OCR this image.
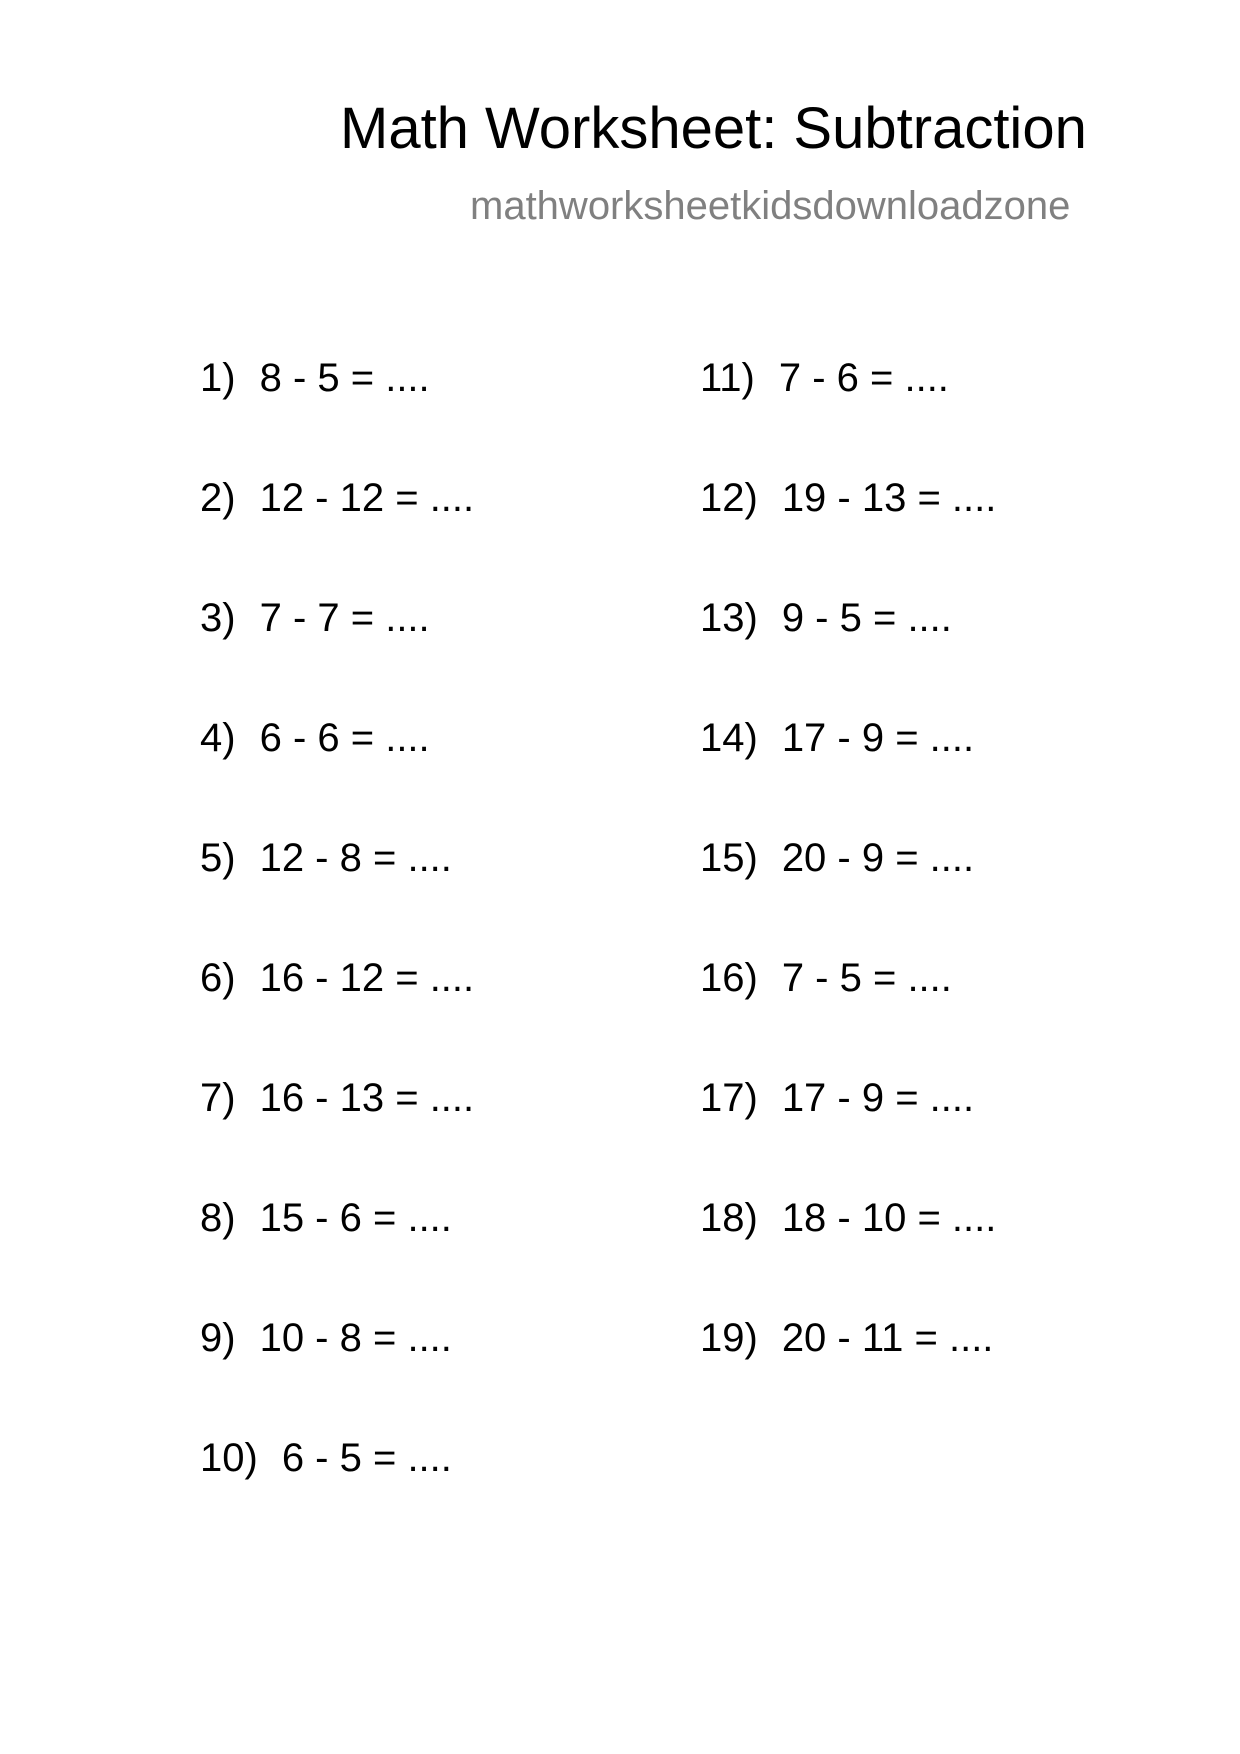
Math Worksheet: Subtraction
mathworksheetkidsdownloadzone
1) 8 - 5 = ....
2) 12 - 12 = ....
3) 7 - 7 = ....
4) 6 - 6 = ....
5) 12 - 8 = ....
6) 16 - 12 = ....
7) 16 - 13 = ....
8) 15 - 6 = ....
9) 10 - 8 = ....
10) 6 - 5 = ....
11) 7 - 6 = ....
12) 19 - 13 = ....
13) 9 - 5 = ....
14) 17 - 9 = ....
15) 20 - 9 = ....
16) 7 - 5 = ....
17) 17 - 9 = ....
18) 18 - 10 = ....
19) 20 - 11 = ....
